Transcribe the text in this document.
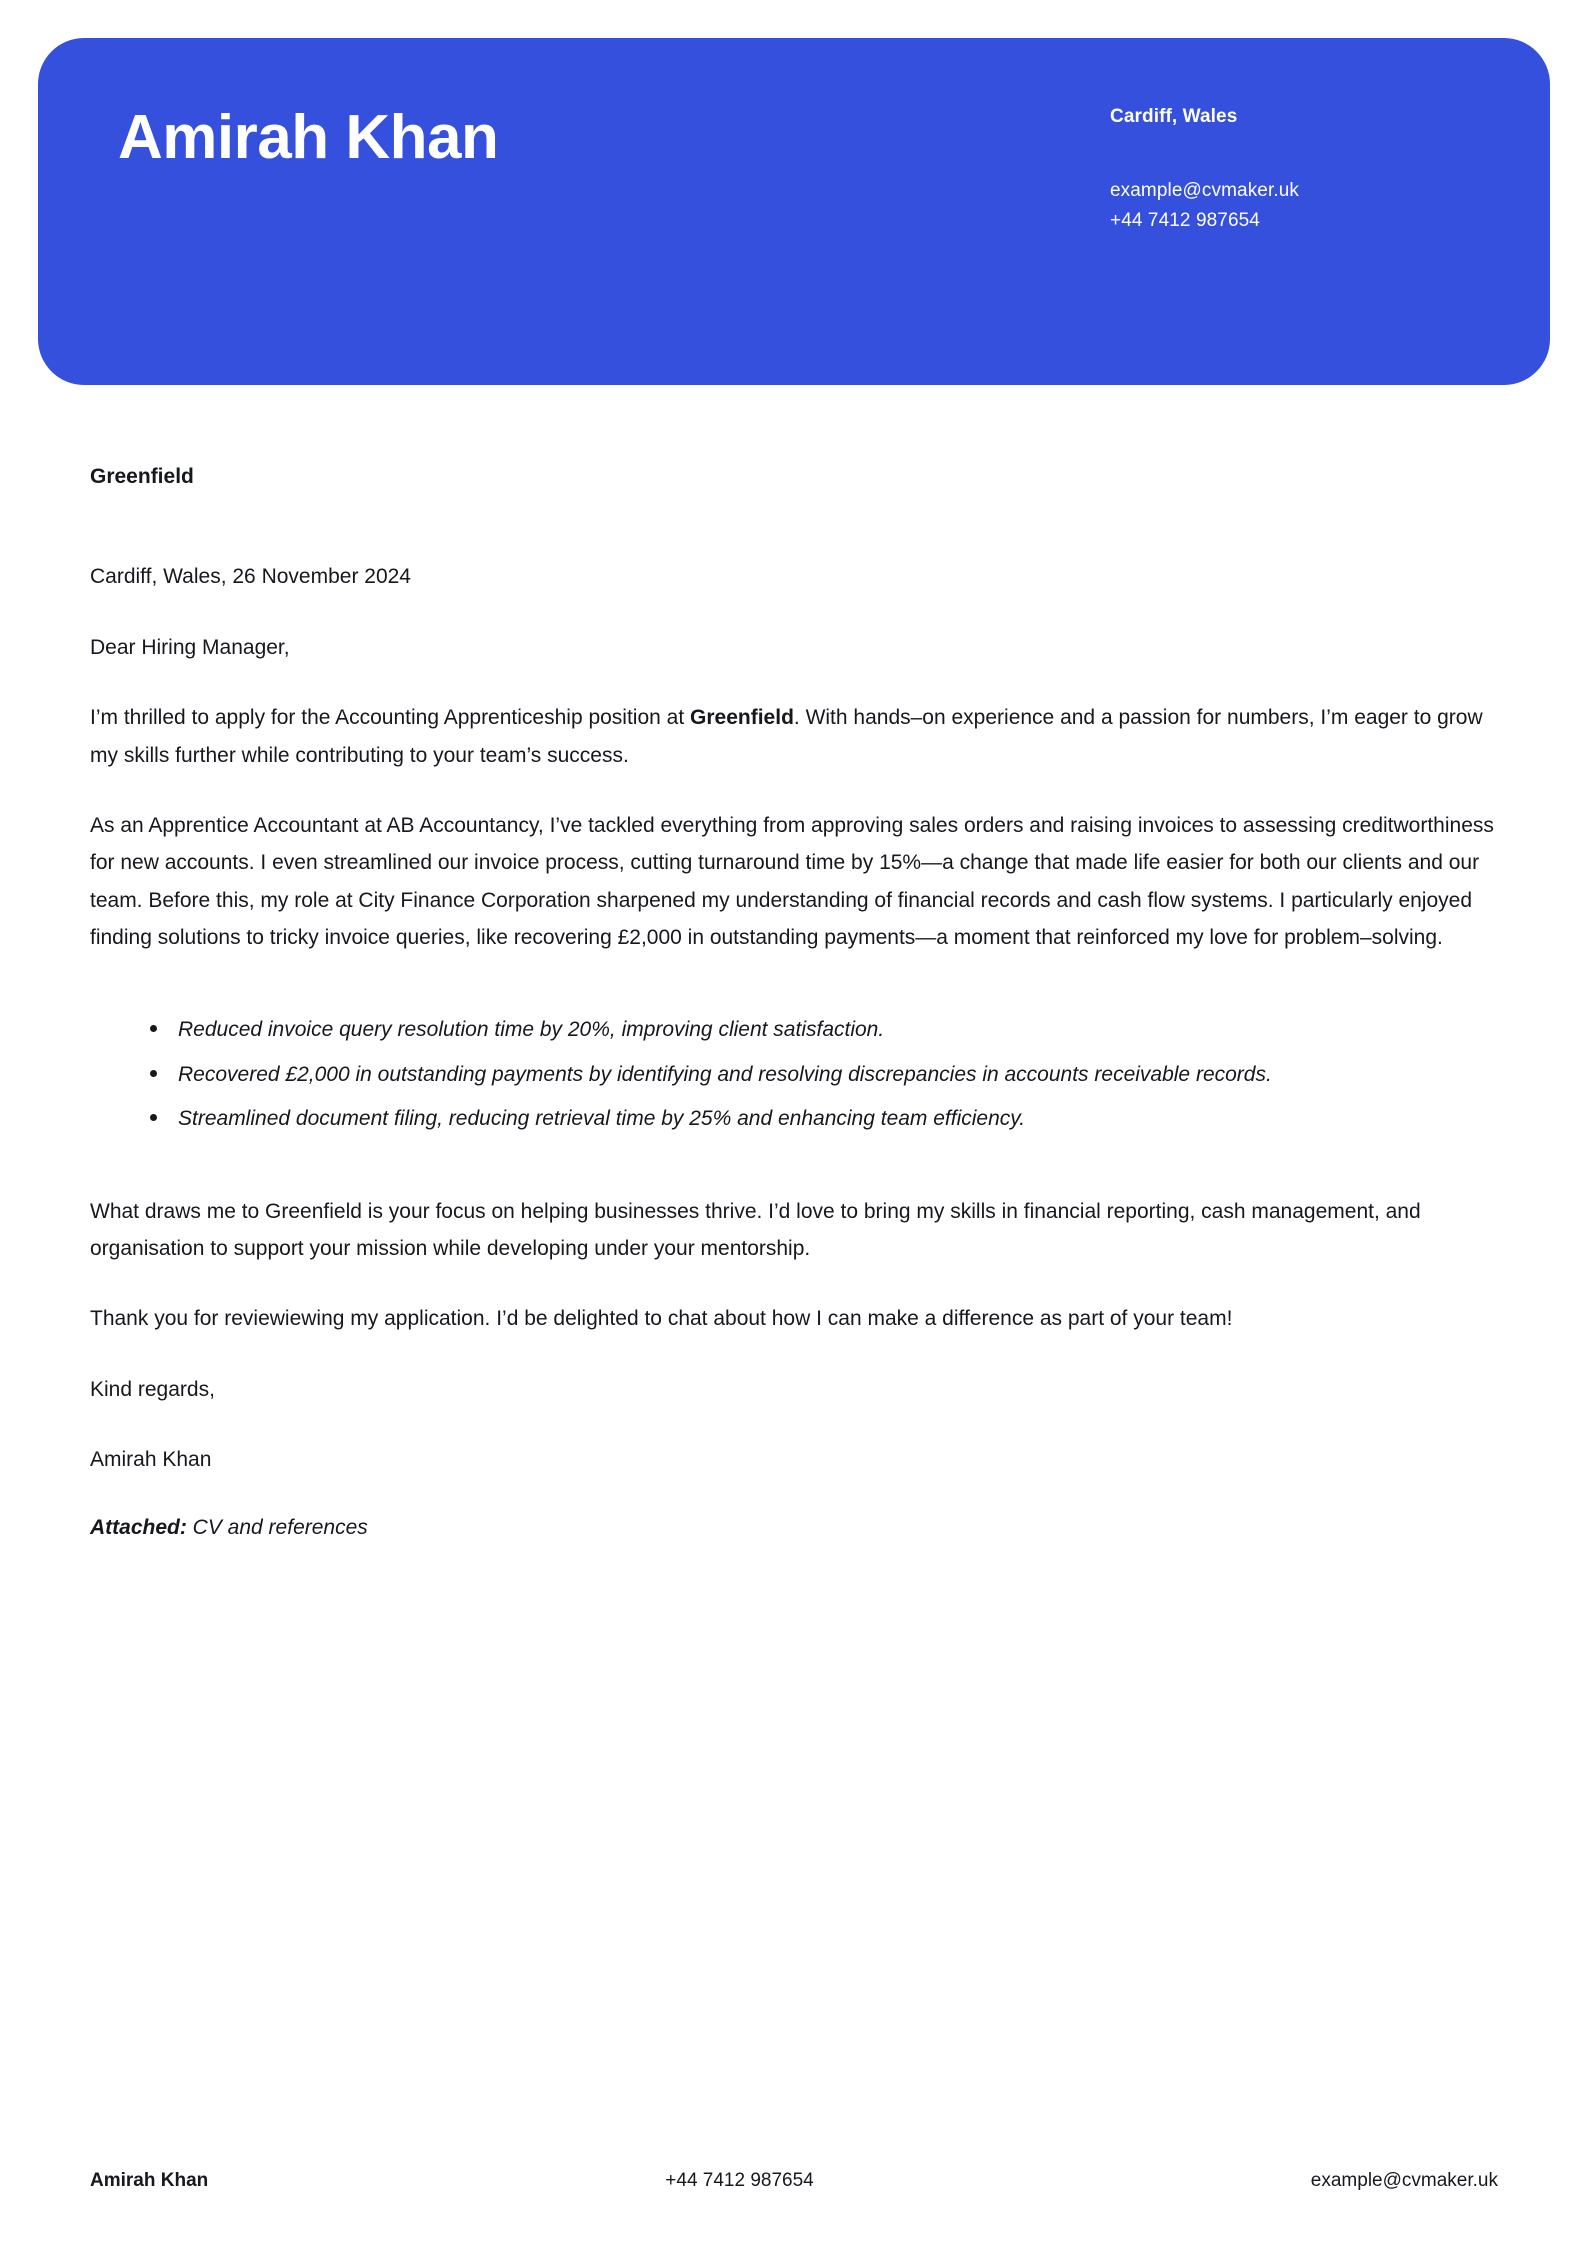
Amirah Khan	Cardiff, Wales
example@cvmaker.uk
+44 7412 987654

Greenfield

Cardiff, Wales, 26 November 2024

Dear Hiring Manager,

I’m thrilled to apply for the Accounting Apprenticeship position at Greenfield. With hands–on experience and a passion for numbers, I’m eager to grow my skills further while contributing to your team’s success.

As an Apprentice Accountant at AB Accountancy, I’ve tackled everything from approving sales orders and raising invoices to assessing creditworthiness for new accounts. I even streamlined our invoice process, cutting turnaround time by 15%—a change that made life easier for both our clients and our team. Before this, my role at City Finance Corporation sharpened my understanding of financial records and cash flow systems. I particularly enjoyed finding solutions to tricky invoice queries, like recovering £2,000 in outstanding payments—a moment that reinforced my love for problem–solving.

Reduced invoice query resolution time by 20%, improving client satisfaction.
Recovered £2,000 in outstanding payments by identifying and resolving discrepancies in accounts receivable records.
Streamlined document filing, reducing retrieval time by 25% and enhancing team efficiency.

What draws me to Greenfield is your focus on helping businesses thrive. I’d love to bring my skills in financial reporting, cash management, and organisation to support your mission while developing under your mentorship.

Thank you for reviewiewing my application. I’d be delighted to chat about how I can make a difference as part of your team!

Kind regards,

Amirah Khan

Attached: CV and references

Amirah Khan	+44 7412 987654	example@cvmaker.uk
